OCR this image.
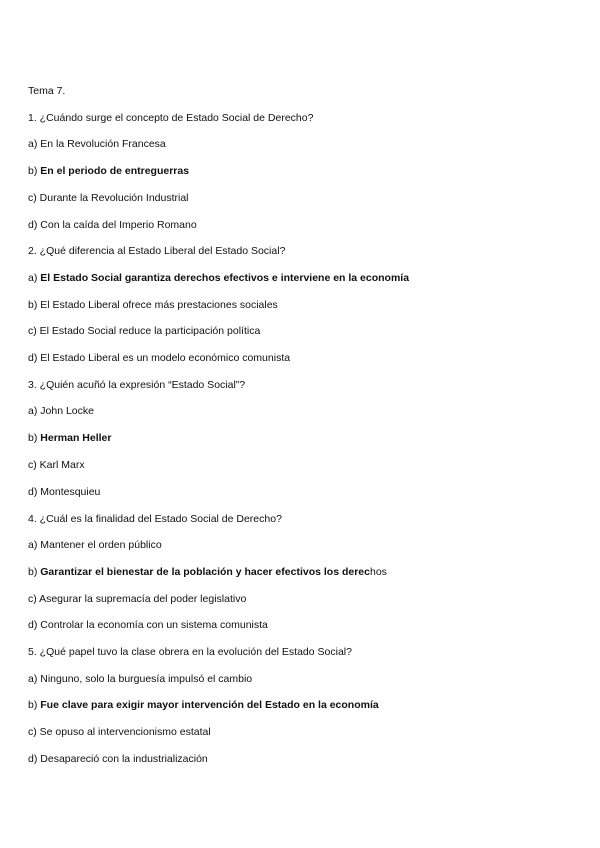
Tema 7.
1. ¿Cuándo surge el concepto de Estado Social de Derecho?
a) En la Revolución Francesa
b) En el periodo de entreguerras
c) Durante la Revolución Industrial
d) Con la caída del Imperio Romano
2. ¿Qué diferencia al Estado Liberal del Estado Social?
a) El Estado Social garantiza derechos efectivos e interviene en la economía
b) El Estado Liberal ofrece más prestaciones sociales
c) El Estado Social reduce la participación política
d) El Estado Liberal es un modelo económico comunista
3. ¿Quién acuñó la expresión “Estado Social”?
a) John Locke
b) Herman Heller
c) Karl Marx
d) Montesquieu
4. ¿Cuál es la finalidad del Estado Social de Derecho?
a) Mantener el orden público
b) Garantizar el bienestar de la población y hacer efectivos los derechos
c) Asegurar la supremacía del poder legislativo
d) Controlar la economía con un sistema comunista
5. ¿Qué papel tuvo la clase obrera en la evolución del Estado Social?
a) Ninguno, solo la burguesía impulsó el cambio
b) Fue clave para exigir mayor intervención del Estado en la economía
c) Se opuso al intervencionismo estatal
d) Desapareció con la industrialización
